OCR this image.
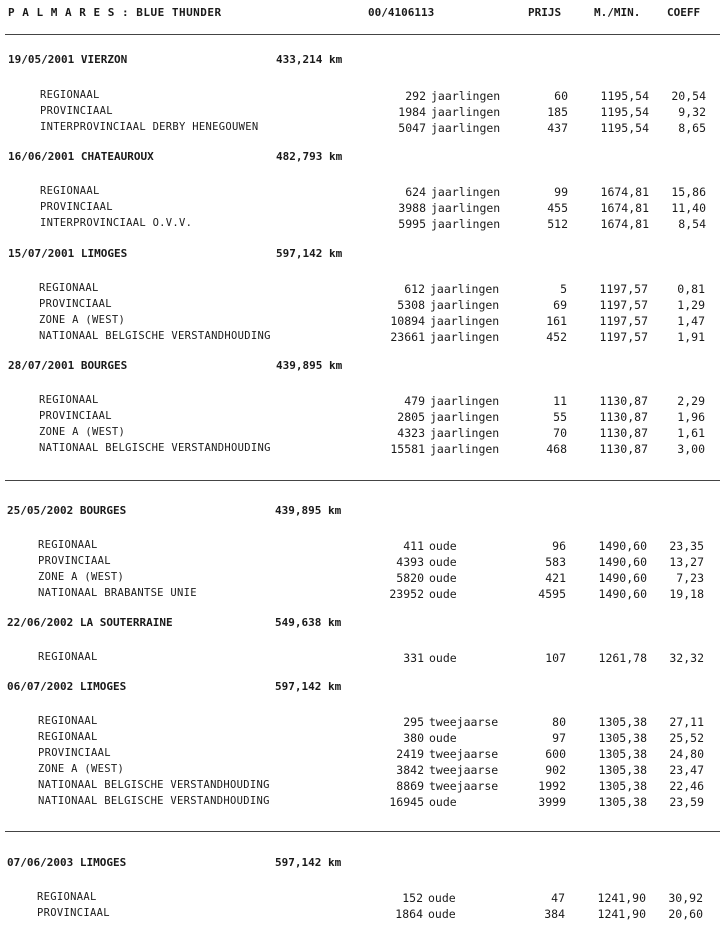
P A L M A R E S : BLUE THUNDER	00/4106113	PRIJS	M./MIN. COEFF
19/05/2001 VIERZON	433,214 km
REGIONAAL	292 jaarlingen	60	1195,54	20,54
PROVINCIAAL	1984 jaarlingen	185	1195,54	9,32
INTERPROVINCIAAL DERBY HENEGOUWEN	5047 jaarlingen	437	1195,54	8,65
16/06/2001 CHATEAUROUX	482,793 km
REGIONAAL	624 jaarlingen	99	1674,81	15,86
PROVINCIAAL	3988 jaarlingen	455	1674,81	11,40
INTERPROVINCIAAL O.V.V.	5995 jaarlingen	512	1674,81	8,54
15/07/2001 LIMOGES	597,142 km
REGIONAAL	612 jaarlingen	5	1197,57	0,81
PROVINCIAAL	5308 jaarlingen	69	1197,57	1,29
ZONE A (WEST)	10894 jaarlingen	161	1197,57	1,47
NATIONAAL BELGISCHE VERSTANDHOUDING	23661 jaarlingen	452	1197,57	1,91
28/07/2001 BOURGES	439,895 km
REGIONAAL	479 jaarlingen	11	1130,87	2,29
PROVINCIAAL	2805 jaarlingen	55	1130,87	1,96
ZONE A (WEST)	4323 jaarlingen	70	1130,87	1,61
NATIONAAL BELGISCHE VERSTANDHOUDING	15581 jaarlingen	468	1130,87	3,00
25/05/2002 BOURGES	439,895 km
REGIONAAL	411 oude	96	1490,60	23,35
PROVINCIAAL	4393 oude	583	1490,60	13,27
ZONE A (WEST)	5820 oude	421	1490,60	7,23
NATIONAAL BRABANTSE UNIE	23952 oude	4595	1490,60	19,18
22/06/2002 LA SOUTERRAINE	549,638 km
REGIONAAL	331 oude	107	1261,78	32,32
06/07/2002 LIMOGES	597,142 km
REGIONAAL	295 tweejaarse	80	1305,38	27,11
REGIONAAL	380 oude	97	1305,38	25,52
PROVINCIAAL	2419 tweejaarse	600	1305,38	24,80
ZONE A (WEST)	3842 tweejaarse	902	1305,38	23,47
NATIONAAL BELGISCHE VERSTANDHOUDING	8869 tweejaarse	1992	1305,38	22,46
NATIONAAL BELGISCHE VERSTANDHOUDING	16945 oude	3999	1305,38	23,59
07/06/2003 LIMOGES	597,142 km
REGIONAAL	152 oude	47	1241,90	30,92
PROVINCIAAL	1864 oude	384	1241,90	20,60
